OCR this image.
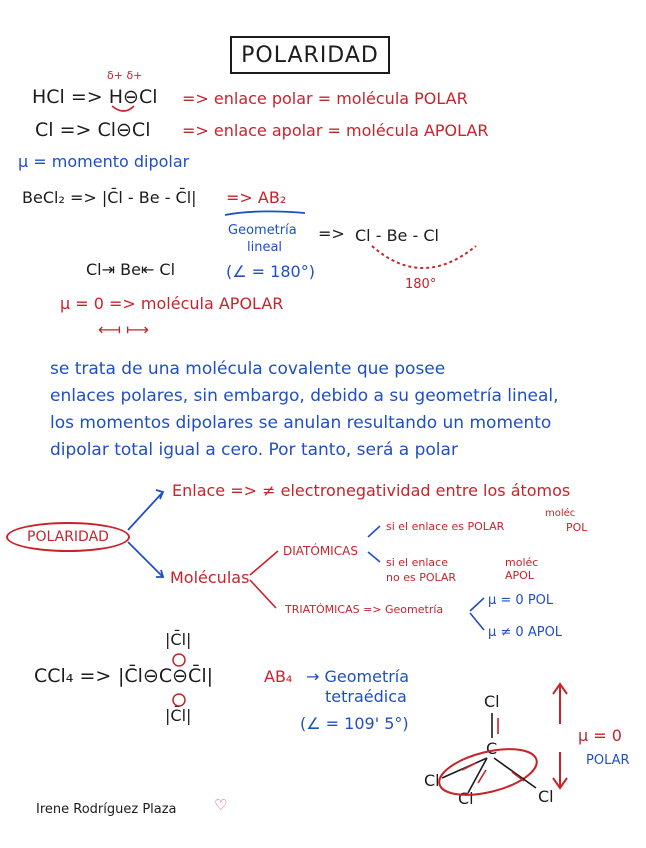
POLARIDAD
δ+ δ+
HCl => H⊖Cl => enlace polar = molécula POLAR
Cl => Cl⊖Cl => enlace apolar = molécula APOLAR
μ = momento dipolar
BeCl₂ => |C̄l - Be - C̄l| => AB₂
Geometría
lineal
=> Cl - Be - Cl
180°
Cl⇥ Be⇤ Cl	(∠ = 180°)
μ = 0 => molécula APOLAR
⟻ ⟼
se trata de una molécula covalente que posee
enlaces polares, sin embargo, debido a su geometría lineal,
los momentos dipolares se anulan resultando un momento
dipolar total igual a cero. Por tanto, será a polar
POLARIDAD
Enlace => ≠ electronegatividad entre los átomos
Moléculas
DIATÓMICAS
si el enlace es POLAR
moléc
POL
si el enlace
no es POLAR
moléc
APOL
TRIATÓMICAS => Geometría
μ = 0 POL
μ ≠ 0 APOL
|C̄l|
CCl₄ => |C̄l⊖C⊖C̄l|
|C̄l|
AB₄ → Geometría
tetraédica
(∠ = 109' 5°)
Cl
C
Cl
Cl	Cl
μ = 0
POLAR
Irene Rodríguez Plaza ♡
